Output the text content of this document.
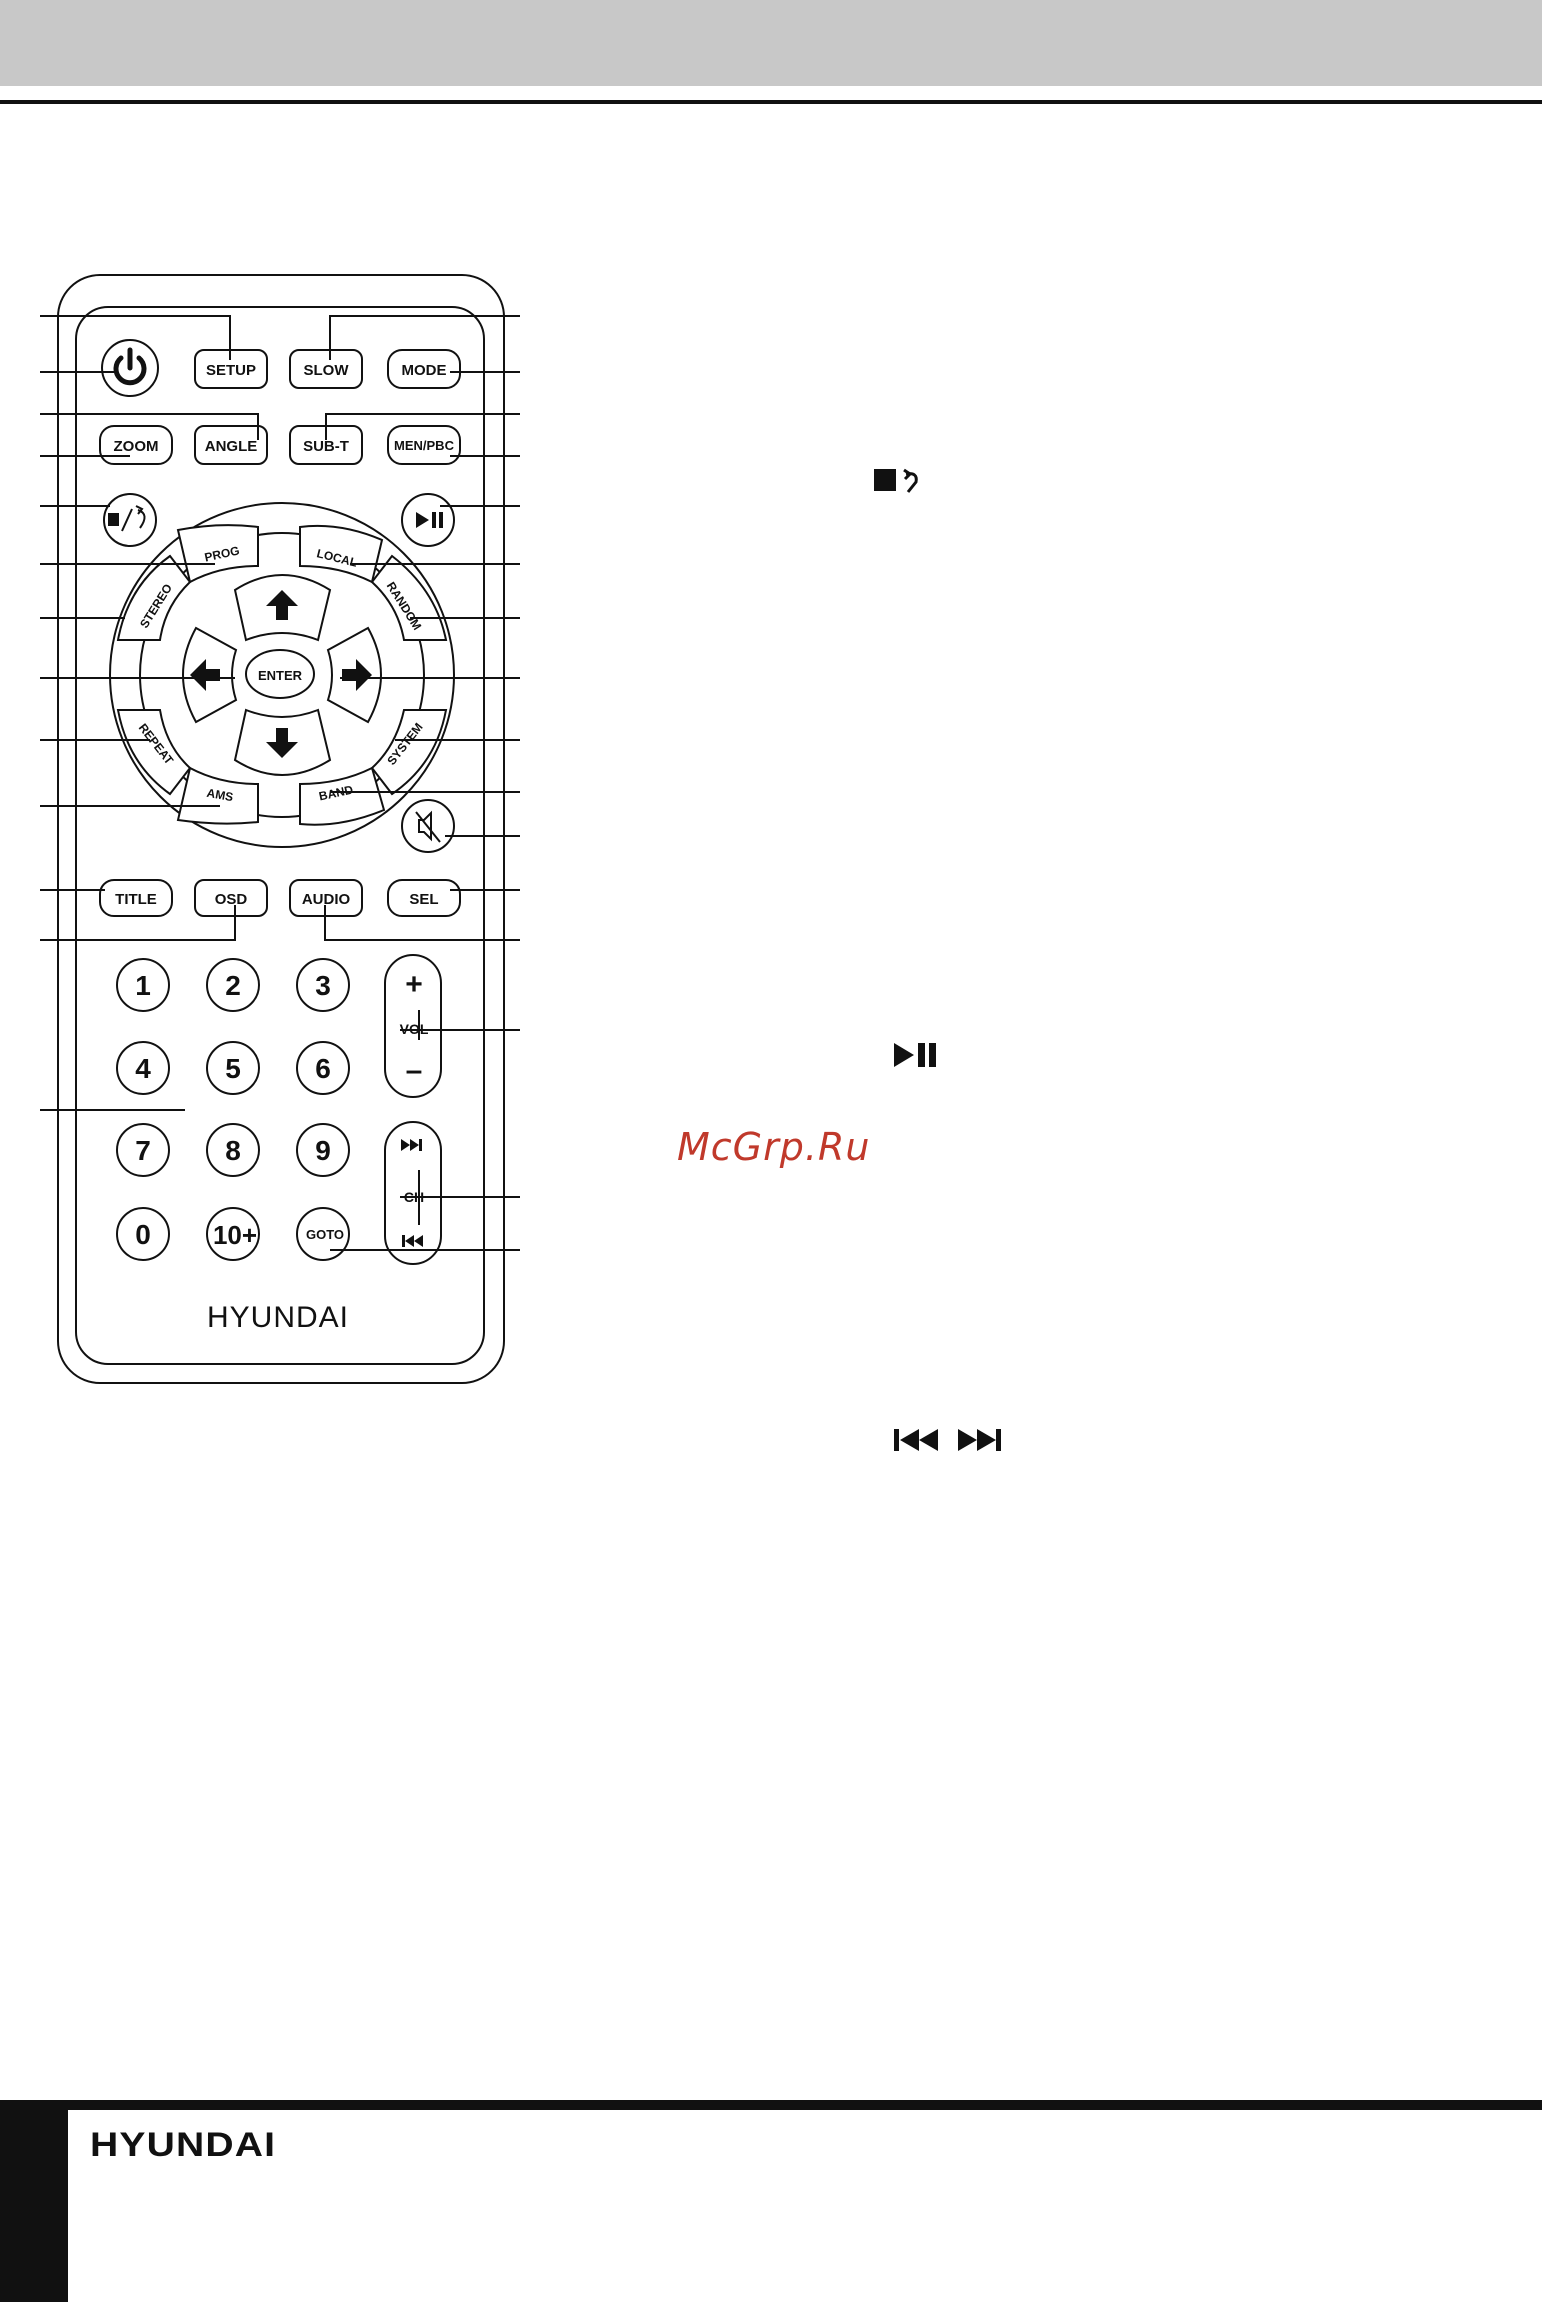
SETUP	SLOW	MODE
ZOOM	ANGLE	SUB-T	MEN/PBC
TITLE	OSD	AUDIO	SEL
ENTER
PROG	LOCAL
STEREO	RANDOM
REPEAT	SYSTEM
AMS	BAND
VOL
CH
+
–
GOTO
1	2	3
4	5	6
7	8	9
0 10+
HYUNDAI
McGrp.Ru
HYUNDAI
